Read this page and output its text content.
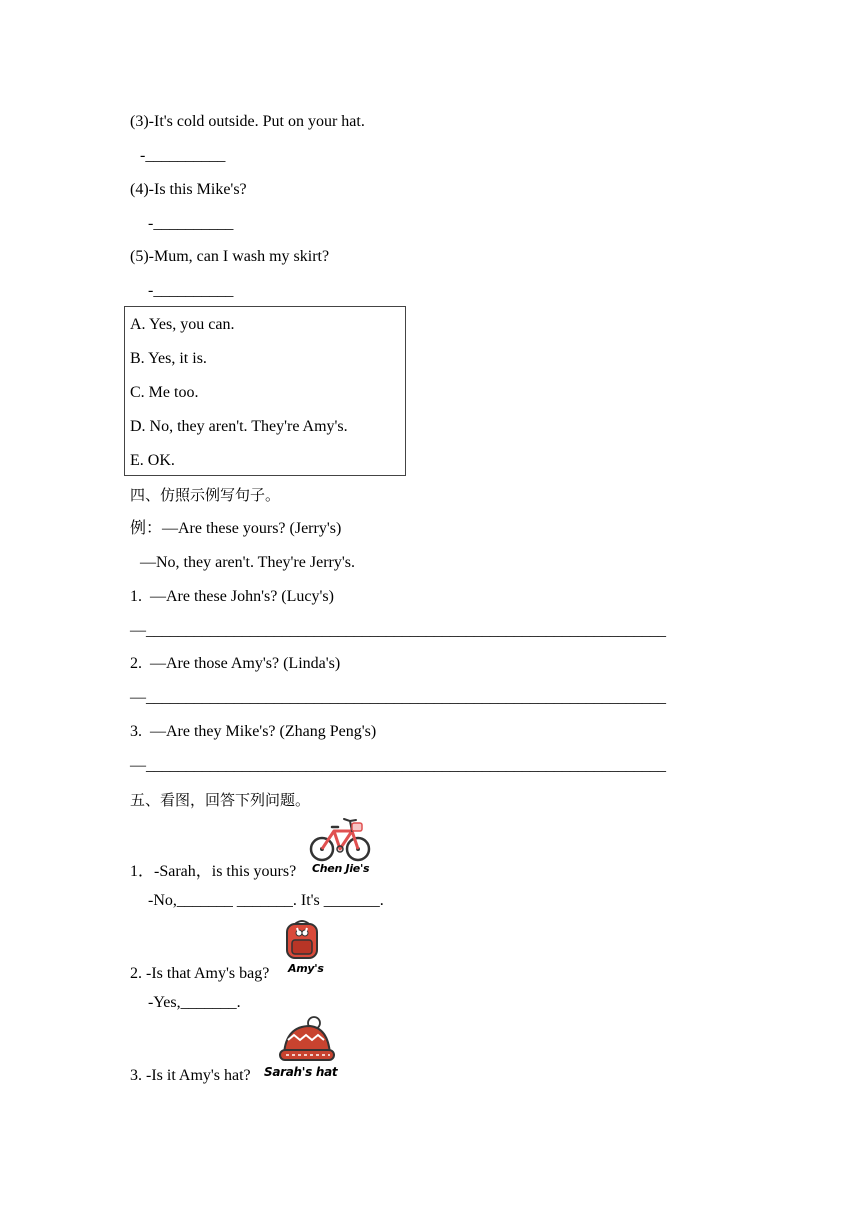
(3)-It's cold outside. Put on your hat.
-__________
(4)-Is this Mike's?
-__________
(5)-Mum, can I wash my skirt?
-__________
A. Yes, you can.
B. Yes, it is.
C. Me too.
D. No, they aren't. They're Amy's.
E. OK.
四、仿照示例写句子。
例：—Are these yours? (Jerry's)
—No, they aren't. They're Jerry's.
1.  —Are these John's? (Lucy's)
—_________________________________________________________________
2.  —Are those Amy's? (Linda's)
—_________________________________________________________________
3.  —Are they Mike's? (Zhang Peng's)
—_________________________________________________________________
五、看图，回答下列问题。
Chen Jie's
1．-Sarah，is this yours?
-No,_______ _______. It's _______.
Amy's
2. -Is that Amy's bag?
-Yes,_______.
Sarah's hat
3. -Is it Amy's hat?
